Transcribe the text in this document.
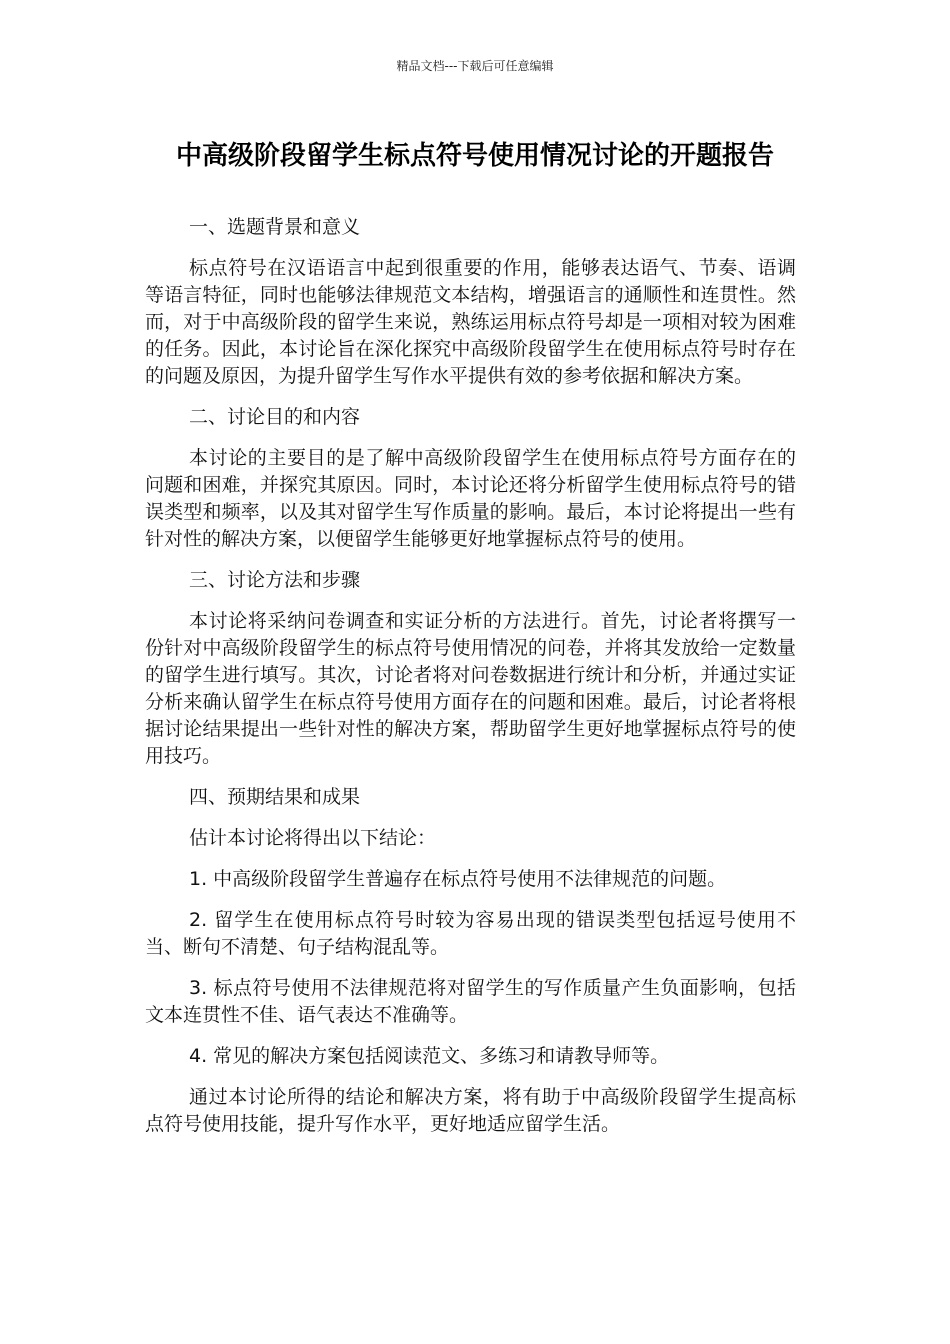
精品文档---下载后可任意编辑
中高级阶段留学生标点符号使用情况讨论的开题报告

一、选题背景和意义

标点符号在汉语语言中起到很重要的作用，能够表达语气、节奏、语调等语言特征，同时也能够法律规范文本结构，增强语言的通顺性和连贯性。然而，对于中高级阶段的留学生来说，熟练运用标点符号却是一项相对较为困难的任务。因此，本讨论旨在深化探究中高级阶段留学生在使用标点符号时存在的问题及原因，为提升留学生写作水平提供有效的参考依据和解决方案。

二、讨论目的和内容

本讨论的主要目的是了解中高级阶段留学生在使用标点符号方面存在的问题和困难，并探究其原因。同时，本讨论还将分析留学生使用标点符号的错误类型和频率，以及其对留学生写作质量的影响。最后，本讨论将提出一些有针对性的解决方案，以便留学生能够更好地掌握标点符号的使用。

三、讨论方法和步骤

本讨论将采纳问卷调查和实证分析的方法进行。首先，讨论者将撰写一份针对中高级阶段留学生的标点符号使用情况的问卷，并将其发放给一定数量的留学生进行填写。其次，讨论者将对问卷数据进行统计和分析，并通过实证分析来确认留学生在标点符号使用方面存在的问题和困难。最后，讨论者将根据讨论结果提出一些针对性的解决方案，帮助留学生更好地掌握标点符号的使用技巧。

四、预期结果和成果

估计本讨论将得出以下结论：

1. 中高级阶段留学生普遍存在标点符号使用不法律规范的问题。

2. 留学生在使用标点符号时较为容易出现的错误类型包括逗号使用不当、断句不清楚、句子结构混乱等。

3. 标点符号使用不法律规范将对留学生的写作质量产生负面影响，包括文本连贯性不佳、语气表达不准确等。

4. 常见的解决方案包括阅读范文、多练习和请教导师等。

通过本讨论所得的结论和解决方案，将有助于中高级阶段留学生提高标点符号使用技能，提升写作水平，更好地适应留学生活。
